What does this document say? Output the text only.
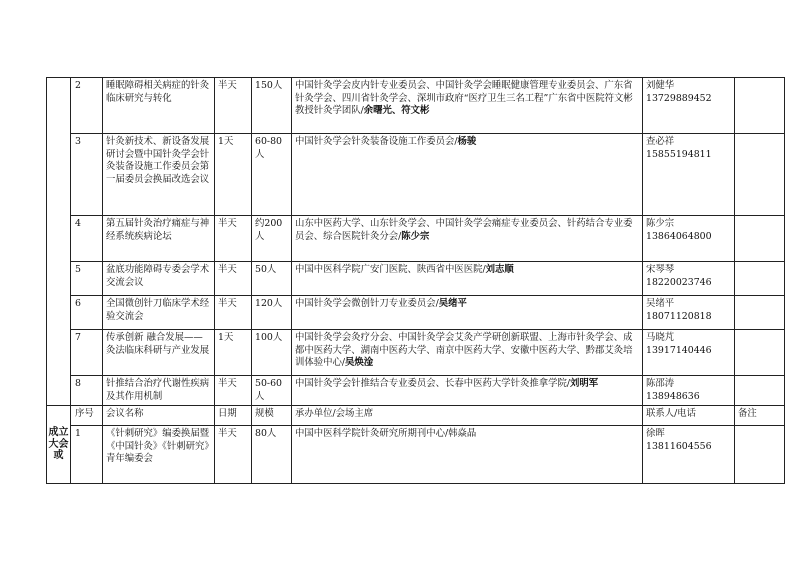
	2	睡眠障碍相关病症的针灸临床研究与转化	半天	150人	中国针灸学会皮内针专业委员会、中国针灸学会睡眠健康管理专业委员会、广东省针灸学会、四川省针灸学会、深圳市政府“医疗卫生三名工程”广东省中医院符文彬教授针灸学团队/余曙光、符文彬	刘健华
13729889452	

	3	针灸新技术、新设备发展研讨会暨中国针灸学会针灸装备设施工作委员会第一届委员会换届改选会议	1天	60-80人	中国针灸学会针灸装备设施工作委员会/杨骏	查必祥
15855194811	

	4	第五届针灸治疗痛症与神经系统疾病论坛	半天	约200人	山东中医药大学、山东针灸学会、中国针灸学会痛症专业委员会、针药结合专业委员会、综合医院针灸分会/陈少宗	陈少宗
13864064800	

	5	盆底功能障碍专委会学术交流会议	半天	50人	中国中医科学院广安门医院、陕西省中医医院/刘志顺	宋琴琴
18220023746	

	6	全国微创针刀临床学术经验交流会	半天	120人	中国针灸学会微创针刀专业委员会/吴绪平	吴绪平
18071120818	

	7	传承创新 融合发展——灸法临床科研与产业发展	1天	100人	中国针灸学会灸疗分会、中国针灸学会艾灸产学研创新联盟、上海市针灸学会、成都中医药大学、湖南中医药大学、南京中医药大学、安徽中医药大学、黔郡艾灸培训体验中心/吴焕淦	马晓芃
13917140446	

	8	针推结合治疗代谢性疾病及其作用机制	半天	50-60人	中国针灸学会针推结合专业委员会、长春中医药大学针灸推拿学院/刘明军	陈邵涛
138948636	

成立大会或	序号	会议名称	日期	规模	承办单位/会场主席	联系人/电话	备注
	1	《针刺研究》编委换届暨《中国针灸》《针刺研究》青年编委会	半天	80人	中国中医科学院针灸研究所期刊中心/韩焱晶	徐晖
13811604556	
